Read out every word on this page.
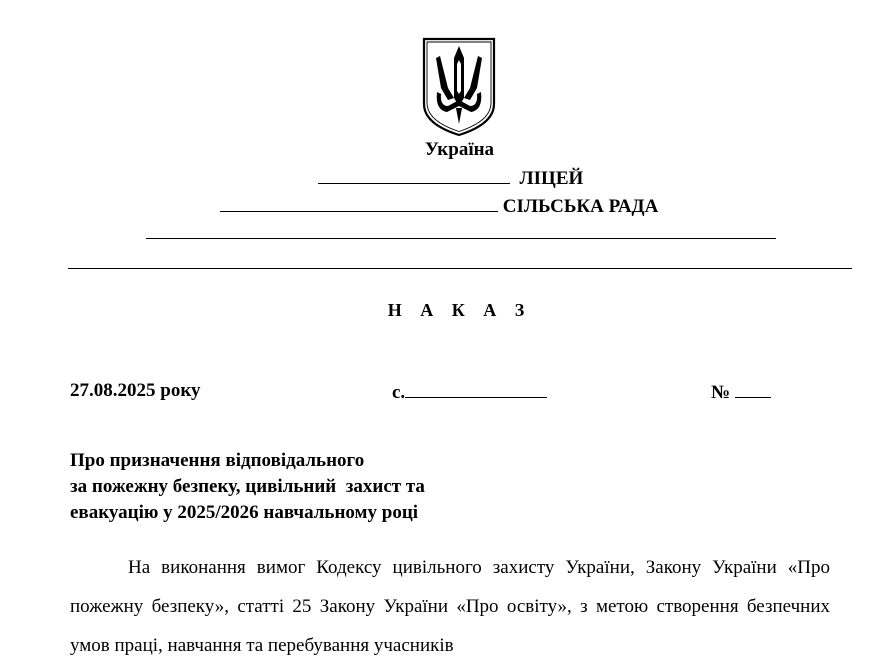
Україна
ЛІЦЕЙ
СІЛЬСЬКА РАДА
Н А К А З
27.08.2025 року	с.	№
Про призначення відповідального
за пожежну безпеку, цивільний  захист та
евакуацію у 2025/2026 навчальному році

На виконання вимог Кодексу цивільного захисту України, Закону України «Про пожежну безпеку», статті 25 Закону України «Про освіту», з метою створення безпечних умов праці, навчання та перебування учасників
